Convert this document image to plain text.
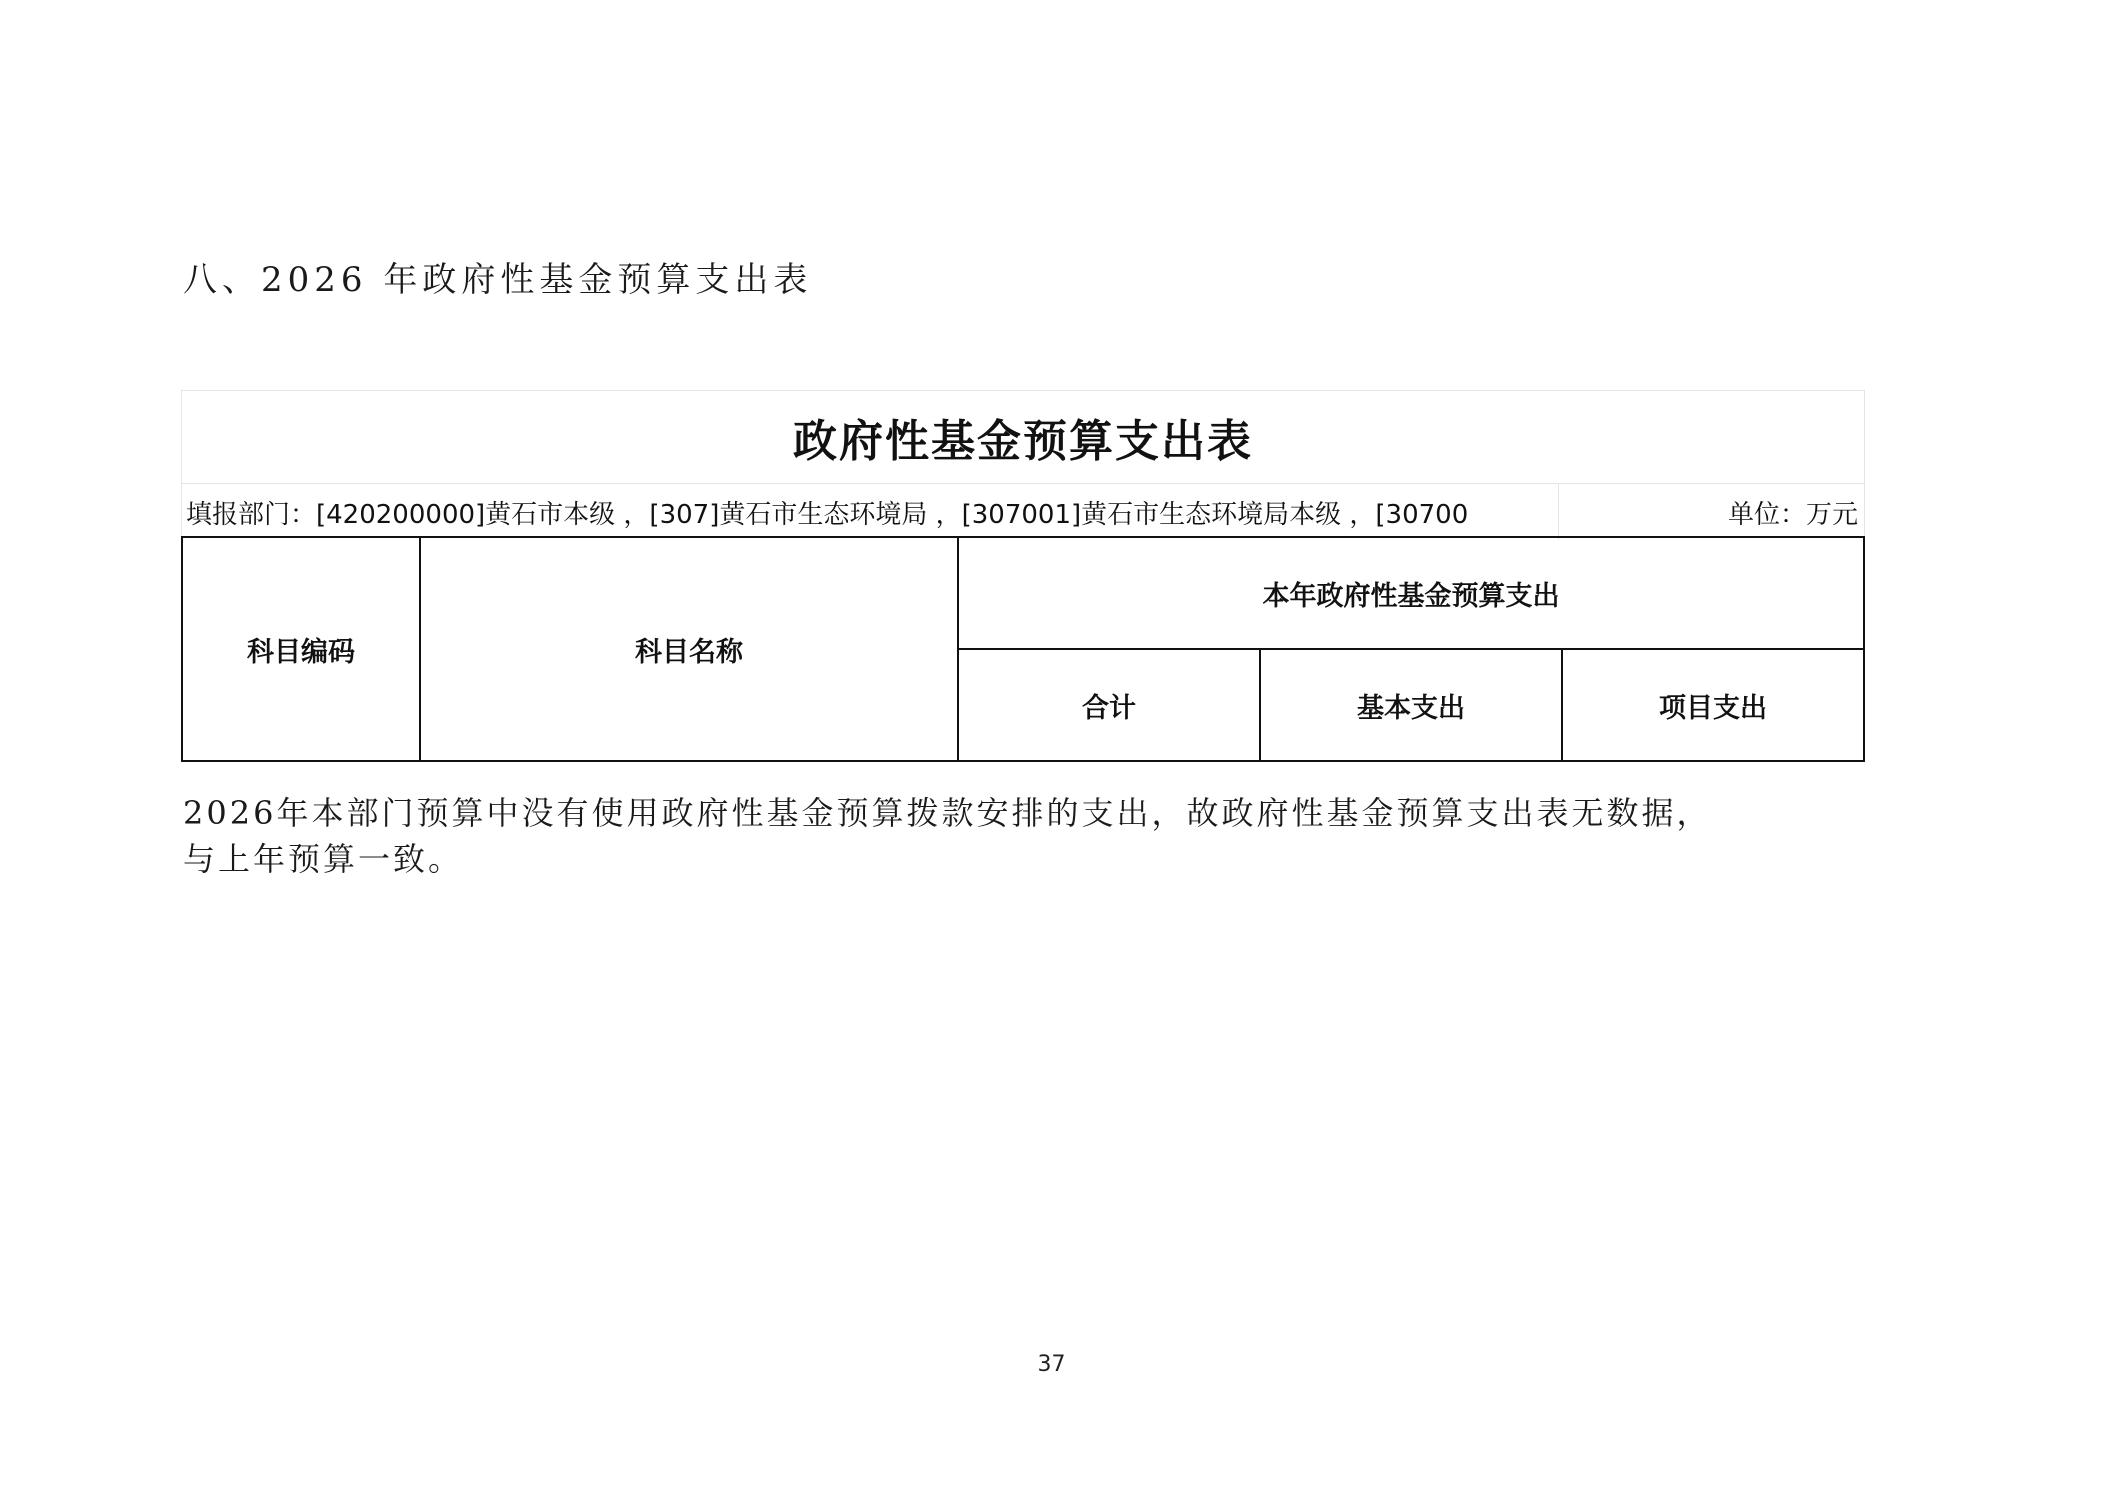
八、2026 年政府性基金预算支出表
政府性基金预算支出表
填报部门：[420200000]黄石市本级 ，[307]黄石市生态环境局 ，[307001]黄石市生态环境局本级 ，[30700	单位：万元
科目编码	科目名称	本年政府性基金预算支出		
		合计	基本支出	项目支出
2026年本部门预算中没有使用政府性基金预算拨款安排的支出，故政府性基金预算支出表无数据，
与上年预算一致。
37
